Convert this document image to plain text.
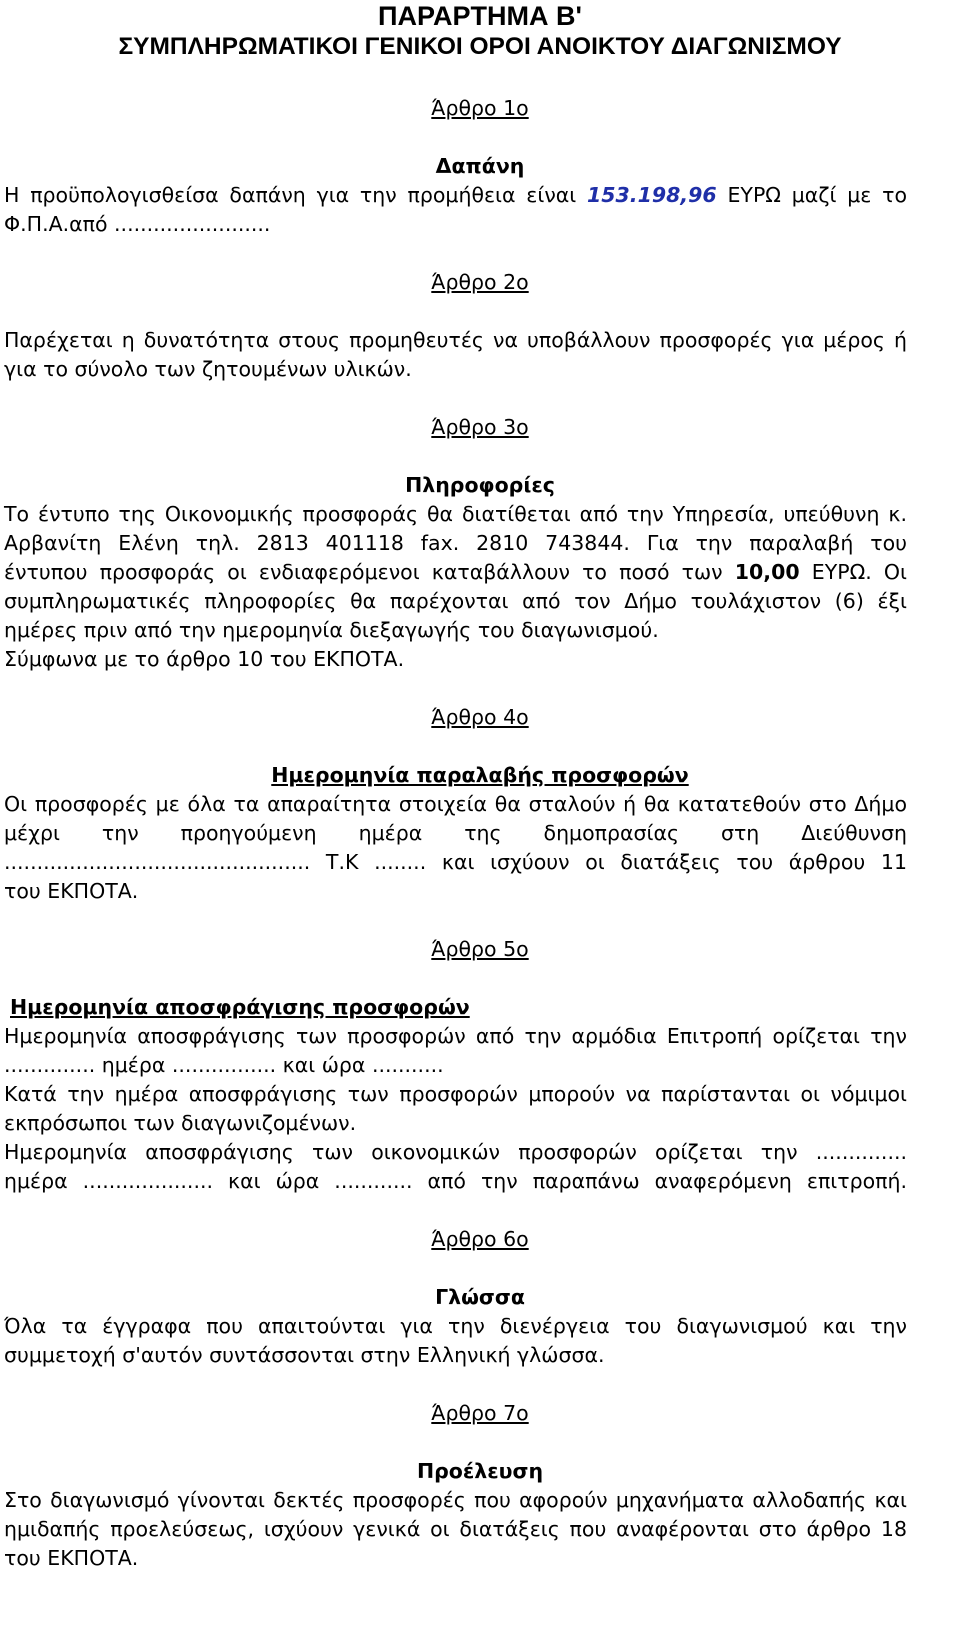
ΠΑΡΑΡΤΗΜΑ Β'
ΣΥΜΠΛΗΡΩΜΑΤΙΚΟΙ ΓΕΝΙΚΟΙ ΟΡΟΙ ΑΝΟΙΚΤΟΥ ΔΙΑΓΩΝΙΣΜΟΥ
Άρθρο 1ο
Δαπάνη
Η προϋπολογισθείσα δαπάνη για την προμήθεια είναι 153.198,96 ΕΥΡΩ μαζί με το
Φ.Π.Α.από ........................
Άρθρο 2ο
Παρέχεται η δυνατότητα στους προμηθευτές να υποβάλλουν προσφορές για μέρος ή
για το σύνολο των ζητουμένων υλικών.
Άρθρο 3ο
Πληροφορίες
Το έντυπο της Οικονομικής προσφοράς θα διατίθεται από την Υπηρεσία, υπεύθυνη κ.
Αρβανίτη Ελένη τηλ. 2813 401118 fax. 2810 743844. Για την παραλαβή του
έντυπου προσφοράς οι ενδιαφερόμενοι καταβάλλουν το ποσό των 10,00 ΕΥΡΩ. Οι
συμπληρωματικές πληροφορίες θα παρέχονται από τον Δήμο τουλάχιστον (6) έξι
ημέρες πριν από την ημερομηνία διεξαγωγής του διαγωνισμού.
Σύμφωνα με το άρθρο 10 του ΕΚΠΟΤΑ.
Άρθρο 4ο
Ημερομηνία παραλαβής προσφορών
Οι προσφορές με όλα τα απαραίτητα στοιχεία θα σταλούν ή θα κατατεθούν στο Δήμο
μέχρι την προηγούμενη ημέρα της δημοπρασίας στη Διεύθυνση
............................................... Τ.Κ ........ και ισχύουν οι διατάξεις του άρθρου 11
του ΕΚΠΟΤΑ.
Άρθρο 5ο
Ημερομηνία αποσφράγισης προσφορών
Ημερομηνία αποσφράγισης των προσφορών από την αρμόδια Επιτροπή ορίζεται την
.............. ημέρα ................ και ώρα ...........
Κατά την ημέρα αποσφράγισης των προσφορών μπορούν να παρίστανται οι νόμιμοι
εκπρόσωποι των διαγωνιζομένων.
Ημερομηνία αποσφράγισης των οικονομικών προσφορών ορίζεται την ..............
ημέρα .................... και ώρα ............ από την παραπάνω αναφερόμενη επιτροπή.
Άρθρο 6ο
Γλώσσα
Όλα τα έγγραφα που απαιτούνται για την διενέργεια του διαγωνισμού και την
συμμετοχή σ'αυτόν συντάσσονται στην Ελληνική γλώσσα.
Άρθρο 7ο
Προέλευση
Στο διαγωνισμό γίνονται δεκτές προσφορές που αφορούν μηχανήματα αλλοδαπής και
ημιδαπής προελεύσεως, ισχύουν γενικά οι διατάξεις που αναφέρονται στο άρθρο 18
του ΕΚΠΟΤΑ.
